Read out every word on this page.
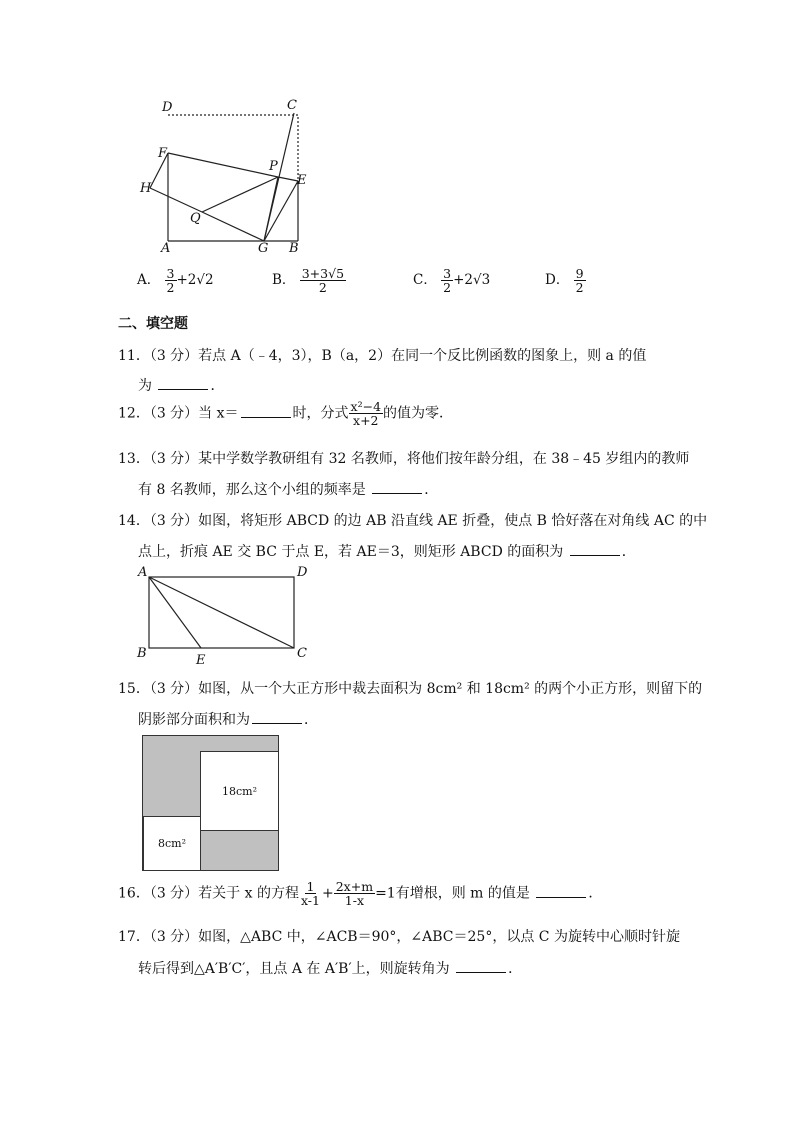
D	C
F
P
H
E
Q
A	G B
A． $\frac{3}{2} +2√2$	B． $\frac{3+3√5}{2}$	C． $\frac{3}{2} +2√3$	D． $\frac{9}{2}$
二、填空题
11．（3 分）若点 A（﹣4，3），B（a，2）在同一个反比例函数的图象上，则 a 的值
为	．
12．（3 分）当 x＝	时，分式 $\frac{\text{x²−4}}{x+2}$ 的值为零．
13．（3 分）某中学数学教研组有 32 名教师，将他们按年龄分组，在 38﹣45 岁组内的教师
有 8 名教师，那么这个小组的频率是	．
14．（3 分）如图，将矩形 ABCD 的边 AB 沿直线 AE 折叠，使点 B 恰好落在对角线 AC 的中
点上，折痕 AE 交 BC 于点 E，若 AE＝3，则矩形 ABCD 的面积为	．
A	D
B	E	C
15．（3 分）如图，从一个大正方形中裁去面积为 8cm² 和 18cm² 的两个小正方形，则留下的
阴影部分面积和为	．
18cm²
8cm²
16．（3 分）若关于 x 的方程 $\frac{1}{x-1} + \frac{2x+m}{1-x} =1$有增根，则 m 的值是	．
17．（3 分）如图，△ABC 中，∠ACB＝90°，∠ABC＝25°，以点 C 为旋转中心顺时针旋
转后得到△A′B′C′，且点 A 在 A′B′上，则旋转角为	．
